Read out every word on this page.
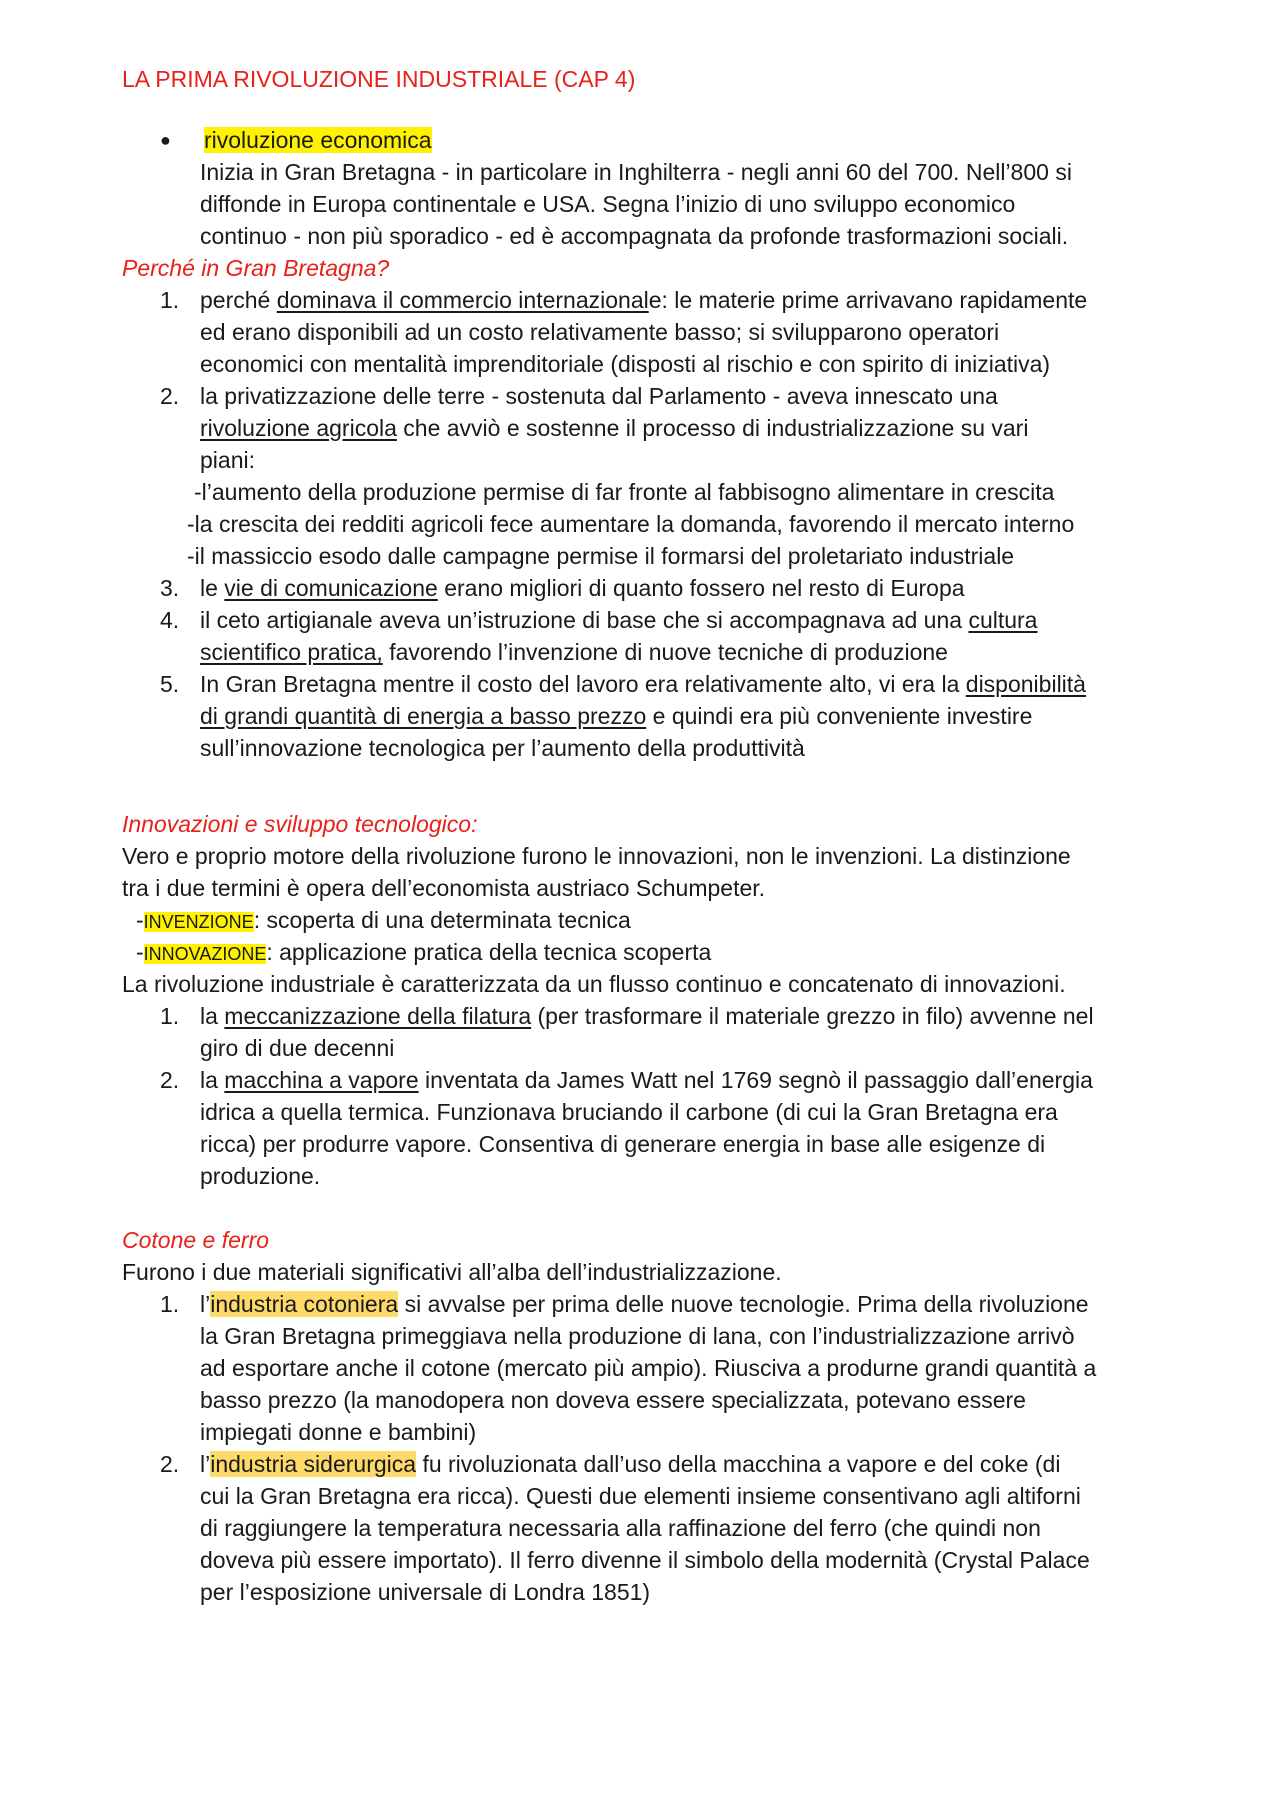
LA PRIMA RIVOLUZIONE INDUSTRIALE (CAP 4)
● rivoluzione economica
Inizia in Gran Bretagna - in particolare in Inghilterra - negli anni 60 del 700. Nell’800 si
diffonde in Europa continentale e USA. Segna l’inizio di uno sviluppo economico
continuo - non più sporadico - ed è accompagnata da profonde trasformazioni sociali.
Perché in Gran Bretagna?
1. perché dominava il commercio internazionale: le materie prime arrivavano rapidamente
ed erano disponibili ad un costo relativamente basso; si svilupparono operatori
economici con mentalità imprenditoriale (disposti al rischio e con spirito di iniziativa)
2. la privatizzazione delle terre - sostenuta dal Parlamento - aveva innescato una
rivoluzione agricola che avviò e sostenne il processo di industrializzazione su vari
piani:
-l’aumento della produzione permise di far fronte al fabbisogno alimentare in crescita
-la crescita dei redditi agricoli fece aumentare la domanda, favorendo il mercato interno
-il massiccio esodo dalle campagne permise il formarsi del proletariato industriale
3. le vie di comunicazione erano migliori di quanto fossero nel resto di Europa
4. il ceto artigianale aveva un’istruzione di base che si accompagnava ad una cultura
scientifico pratica, favorendo l’invenzione di nuove tecniche di produzione
5. In Gran Bretagna mentre il costo del lavoro era relativamente alto, vi era la disponibilità
di grandi quantità di energia a basso prezzo e quindi era più conveniente investire
sull’innovazione tecnologica per l’aumento della produttività
Innovazioni e sviluppo tecnologico:
Vero e proprio motore della rivoluzione furono le innovazioni, non le invenzioni. La distinzione
tra i due termini è opera dell’economista austriaco Schumpeter.
-INVENZIONE: scoperta di una determinata tecnica
-INNOVAZIONE: applicazione pratica della tecnica scoperta
La rivoluzione industriale è caratterizzata da un flusso continuo e concatenato di innovazioni.
1. la meccanizzazione della filatura (per trasformare il materiale grezzo in filo) avvenne nel
giro di due decenni
2. la macchina a vapore inventata da James Watt nel 1769 segnò il passaggio dall’energia
idrica a quella termica. Funzionava bruciando il carbone (di cui la Gran Bretagna era
ricca) per produrre vapore. Consentiva di generare energia in base alle esigenze di
produzione.
Cotone e ferro
Furono i due materiali significativi all’alba dell’industrializzazione.
1. l’industria cotoniera si avvalse per prima delle nuove tecnologie. Prima della rivoluzione
la Gran Bretagna primeggiava nella produzione di lana, con l’industrializzazione arrivò
ad esportare anche il cotone (mercato più ampio). Riusciva a produrne grandi quantità a
basso prezzo (la manodopera non doveva essere specializzata, potevano essere
impiegati donne e bambini)
2. l’industria siderurgica fu rivoluzionata dall’uso della macchina a vapore e del coke (di
cui la Gran Bretagna era ricca). Questi due elementi insieme consentivano agli altiforni
di raggiungere la temperatura necessaria alla raffinazione del ferro (che quindi non
doveva più essere importato). Il ferro divenne il simbolo della modernità (Crystal Palace
per l’esposizione universale di Londra 1851)
